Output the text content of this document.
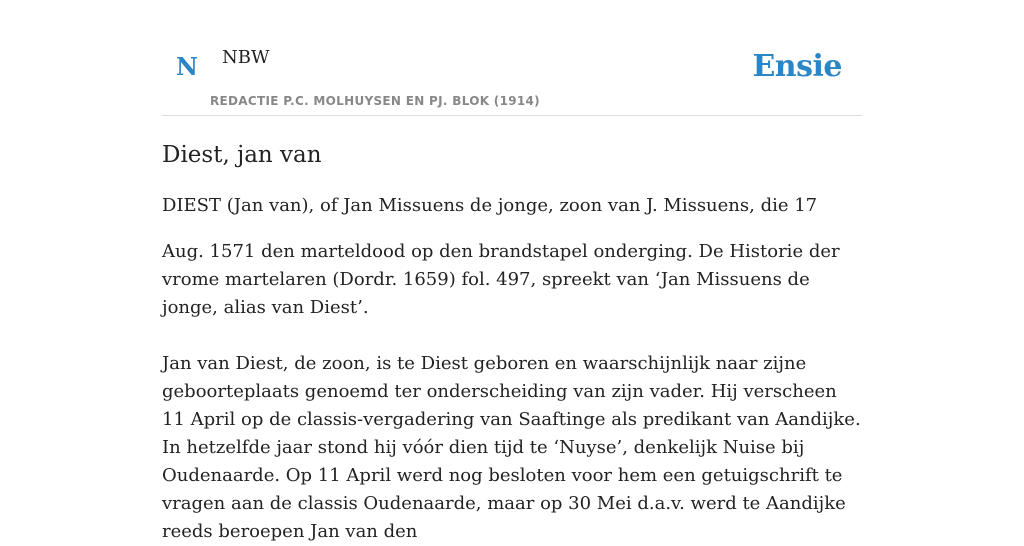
N NBW
REDACTIE P.C. MOLHUYSEN EN PJ. BLOK (1914)
Ensie
Diest, jan van

DIEST (Jan van), of Jan Missuens de jonge, zoon van J. Missuens, die 17

Aug. 1571 den marteldood op den brandstapel onderging. De Historie der vrome martelaren (Dordr. 1659) fol. 497, spreekt van ‘Jan Missuens de jonge, alias van Diest’.

Jan van Diest, de zoon, is te Diest geboren en waarschijnlijk naar zijne geboorteplaats genoemd ter onderscheiding van zijn vader. Hij verscheen 11 April op de classis-vergadering van Saaftinge als predikant van Aandijke. In hetzelfde jaar stond hij vóór dien tijd te ‘Nuyse’, denkelijk Nuise bij Oudenaarde. Op 11 April werd nog besloten voor hem een getuigschrift te vragen aan de classis Oudenaarde, maar op 30 Mei d.a.v. werd te Aandijke reeds beroepen Jan van den
